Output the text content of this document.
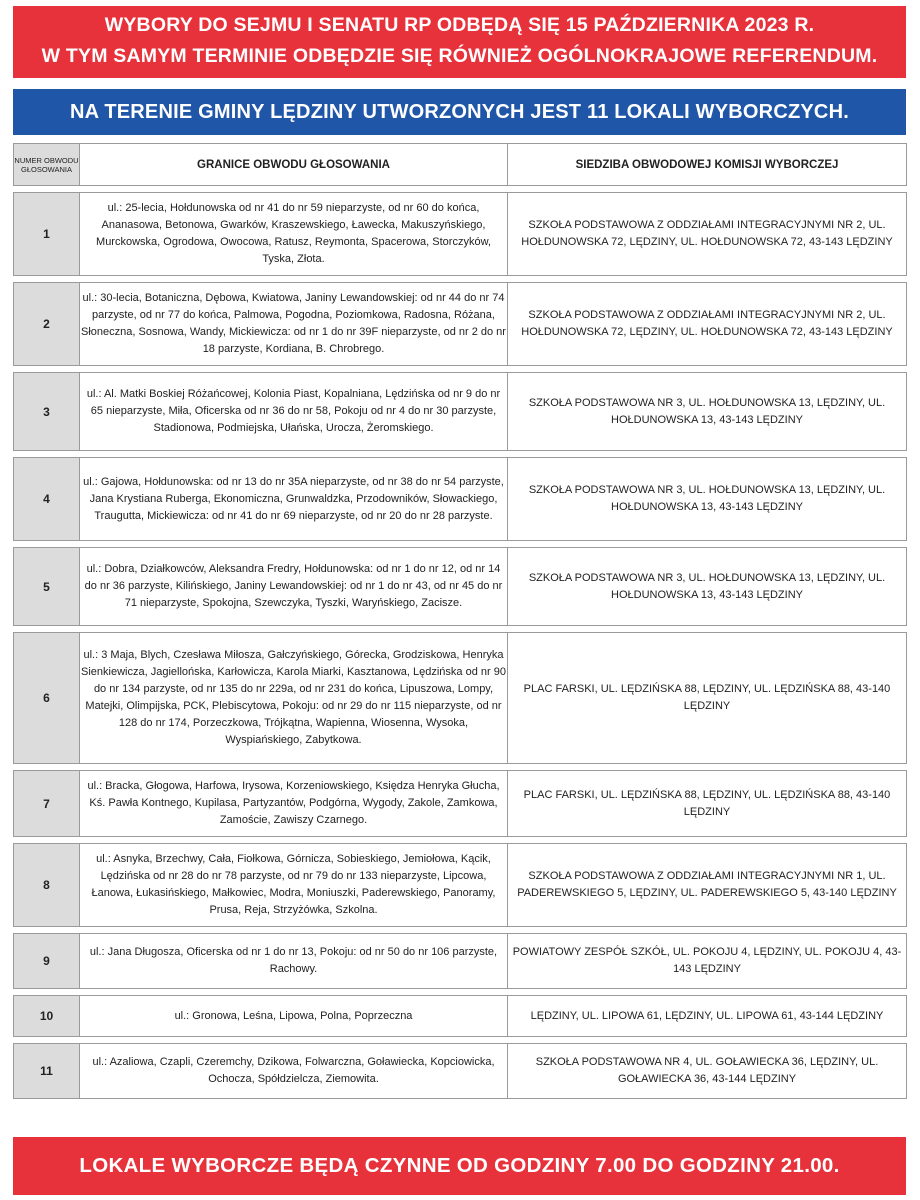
WYBORY DO SEJMU I SENATU RP ODBĘDĄ SIĘ 15 PAŹDZIERNIKA 2023 R.
W TYM SAMYM TERMINIE ODBĘDZIE SIĘ RÓWNIEŻ OGÓLNOKRAJOWE REFERENDUM.
NA TERENIE GMINY LĘDZINY UTWORZONYCH JEST 11 LOKALI WYBORCZYCH.
NUMER OBWODU GŁOSOWANIA	GRANICE OBWODU GŁOSOWANIA	SIEDZIBA OBWODOWEJ KOMISJI WYBORCZEJ

1	ul.: 25-lecia, Hołdunowska od nr 41 do nr 59 nieparzyste, od nr 60 do końca, Ananasowa, Betonowa, Gwarków, Kraszewskiego, Ławecka, Makuszyńskiego, Murckowska, Ogrodowa, Owocowa, Ratusz, Reymonta, Spacerowa, Storczyków, Tyska, Złota.	SZKOŁA PODSTAWOWA Z ODDZIAŁAMI INTEGRACYJNYMI NR 2, UL. HOŁDUNOWSKA 72, LĘDZINY, UL. HOŁDUNOWSKA 72, 43-143 LĘDZINY

2	ul.: 30-lecia, Botaniczna, Dębowa, Kwiatowa, Janiny Lewandowskiej: od nr 44 do nr 74 parzyste, od nr 77 do końca, Palmowa, Pogodna, Poziomkowa, Radosna, Różana, Słoneczna, Sosnowa, Wandy, Mickiewicza: od nr 1 do nr 39F nieparzyste, od nr 2 do nr 18 parzyste, Kordiana, B. Chrobrego.	SZKOŁA PODSTAWOWA Z ODDZIAŁAMI INTEGRACYJNYMI NR 2, UL. HOŁDUNOWSKA 72, LĘDZINY, UL. HOŁDUNOWSKA 72, 43-143 LĘDZINY

3	ul.: Al. Matki Boskiej Różańcowej, Kolonia Piast, Kopalniana, Lędzińska od nr 9 do nr 65 nieparzyste, Miła, Oficerska od nr 36 do nr 58, Pokoju od nr 4 do nr 30 parzyste, Stadionowa, Podmiejska, Ułańska, Urocza, Żeromskiego.	SZKOŁA PODSTAWOWA NR 3, UL. HOŁDUNOWSKA 13, LĘDZINY, UL. HOŁDUNOWSKA 13, 43-143 LĘDZINY

4	ul.: Gajowa, Hołdunowska: od nr 13 do nr 35A nieparzyste, od nr 38 do nr 54 parzyste, Jana Krystiana Ruberga, Ekonomiczna, Grunwaldzka, Przodowników, Słowackiego, Traugutta, Mickiewicza: od nr 41 do nr 69 nieparzyste, od nr 20 do nr 28 parzyste.	SZKOŁA PODSTAWOWA NR 3, UL. HOŁDUNOWSKA 13, LĘDZINY, UL. HOŁDUNOWSKA 13, 43-143 LĘDZINY

5	ul.: Dobra, Działkowców, Aleksandra Fredry, Hołdunowska: od nr 1 do nr 12, od nr 14 do nr 36 parzyste, Kilińskiego, Janiny Lewandowskiej: od nr 1 do nr 43, od nr 45 do nr 71 nieparzyste, Spokojna, Szewczyka, Tyszki, Waryńskiego, Zacisze.	SZKOŁA PODSTAWOWA NR 3, UL. HOŁDUNOWSKA 13, LĘDZINY, UL. HOŁDUNOWSKA 13, 43-143 LĘDZINY

6	ul.: 3 Maja, Blych, Czesława Miłosza, Gałczyńskiego, Górecka, Grodziskowa, Henryka Sienkiewicza, Jagiellońska, Karłowicza, Karola Miarki, Kasztanowa, Lędzińska od nr 90 do nr 134 parzyste, od nr 135 do nr 229a, od nr 231 do końca, Lipuszowa, Lompy, Matejki, Olimpijska, PCK, Plebiscytowa, Pokoju: od nr 29 do nr 115 nieparzyste, od nr 128 do nr 174, Porzeczkowa, Trójkątna, Wapienna, Wiosenna, Wysoka, Wyspiańskiego, Zabytkowa.	PLAC FARSKI, UL. LĘDZIŃSKA 88, LĘDZINY, UL. LĘDZIŃSKA 88, 43-140 LĘDZINY

7	ul.: Bracka, Głogowa, Harfowa, Irysowa, Korzeniowskiego, Księdza Henryka Głucha, Kś. Pawła Kontnego, Kupilasa, Partyzantów, Podgórna, Wygody, Zakole, Zamkowa, Zamoście, Zawiszy Czarnego.	PLAC FARSKI, UL. LĘDZIŃSKA 88, LĘDZINY, UL. LĘDZIŃSKA 88, 43-140 LĘDZINY

8	ul.: Asnyka, Brzechwy, Cała, Fiołkowa, Górnicza, Sobieskiego, Jemiołowa, Kącik, Lędzińska od nr 28 do nr 78 parzyste, od nr 79 do nr 133 nieparzyste, Lipcowa, Łanowa, Łukasińskiego, Małkowiec, Modra, Moniuszki, Paderewskiego, Panoramy, Prusa, Reja, Strzyżówka, Szkolna.	SZKOŁA PODSTAWOWA Z ODDZIAŁAMI INTEGRACYJNYMI NR 1, UL. PADEREWSKIEGO 5, LĘDZINY, UL. PADEREWSKIEGO 5, 43-140 LĘDZINY

9	ul.: Jana Długosza, Oficerska od nr 1 do nr 13, Pokoju: od nr 50 do nr 106 parzyste, Rachowy.	POWIATOWY ZESPÓŁ SZKÓŁ, UL. POKOJU 4, LĘDZINY, UL. POKOJU 4, 43-143 LĘDZINY

10	ul.: Gronowa, Leśna, Lipowa, Polna, Poprzeczna	LĘDZINY, UL. LIPOWA 61, LĘDZINY, UL. LIPOWA 61, 43-144 LĘDZINY

11	ul.: Azaliowa, Czapli, Czeremchy, Dzikowa, Folwarczna, Goławiecka, Kopciowicka, Ochocza, Spółdzielcza, Ziemowita.	SZKOŁA PODSTAWOWA NR 4, UL. GOŁAWIECKA 36, LĘDZINY, UL. GOŁAWIECKA 36, 43-144 LĘDZINY
LOKALE WYBORCZE BĘDĄ CZYNNE OD GODZINY 7.00 DO GODZINY 21.00.
